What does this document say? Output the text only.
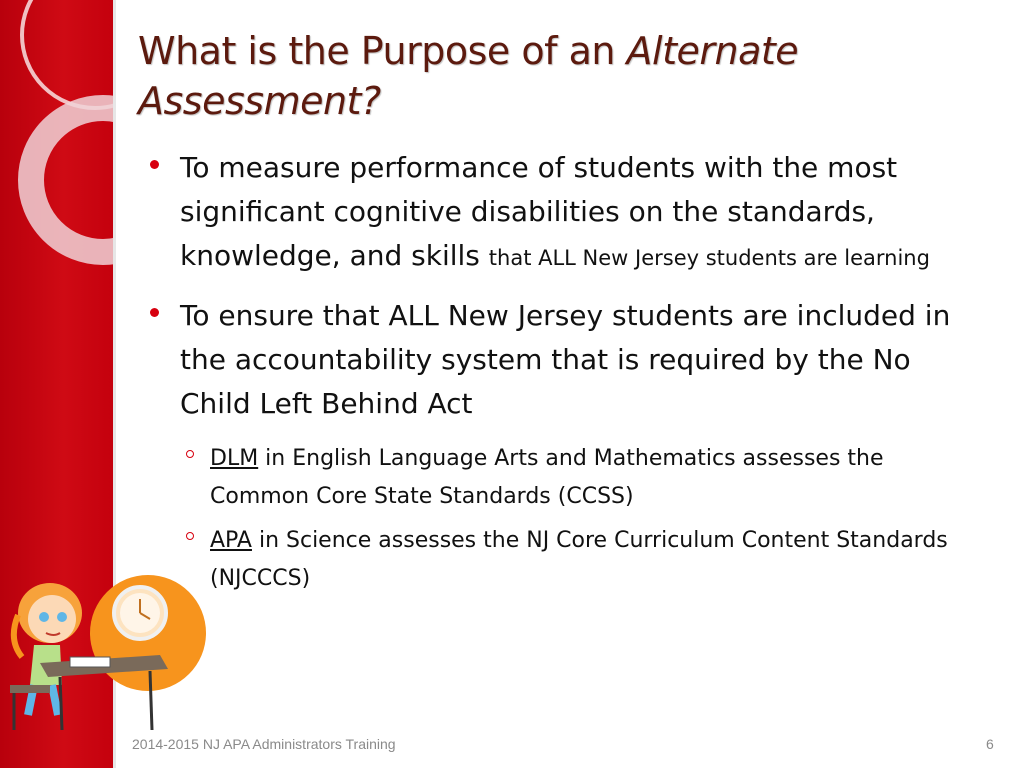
What is the Purpose of an Alternate
Assessment?
To measure performance of students with the most significant cognitive disabilities on the standards, knowledge, and skills that ALL New Jersey students are learning
To ensure that ALL New Jersey students are included in the accountability system that is required by the No Child Left Behind Act
DLM in English Language Arts and Mathematics assesses the Common Core State Standards (CCSS)
APA in Science assesses the NJ Core Curriculum Content Standards (NJCCCS)
2014-2015 NJ APA Administrators Training	6
